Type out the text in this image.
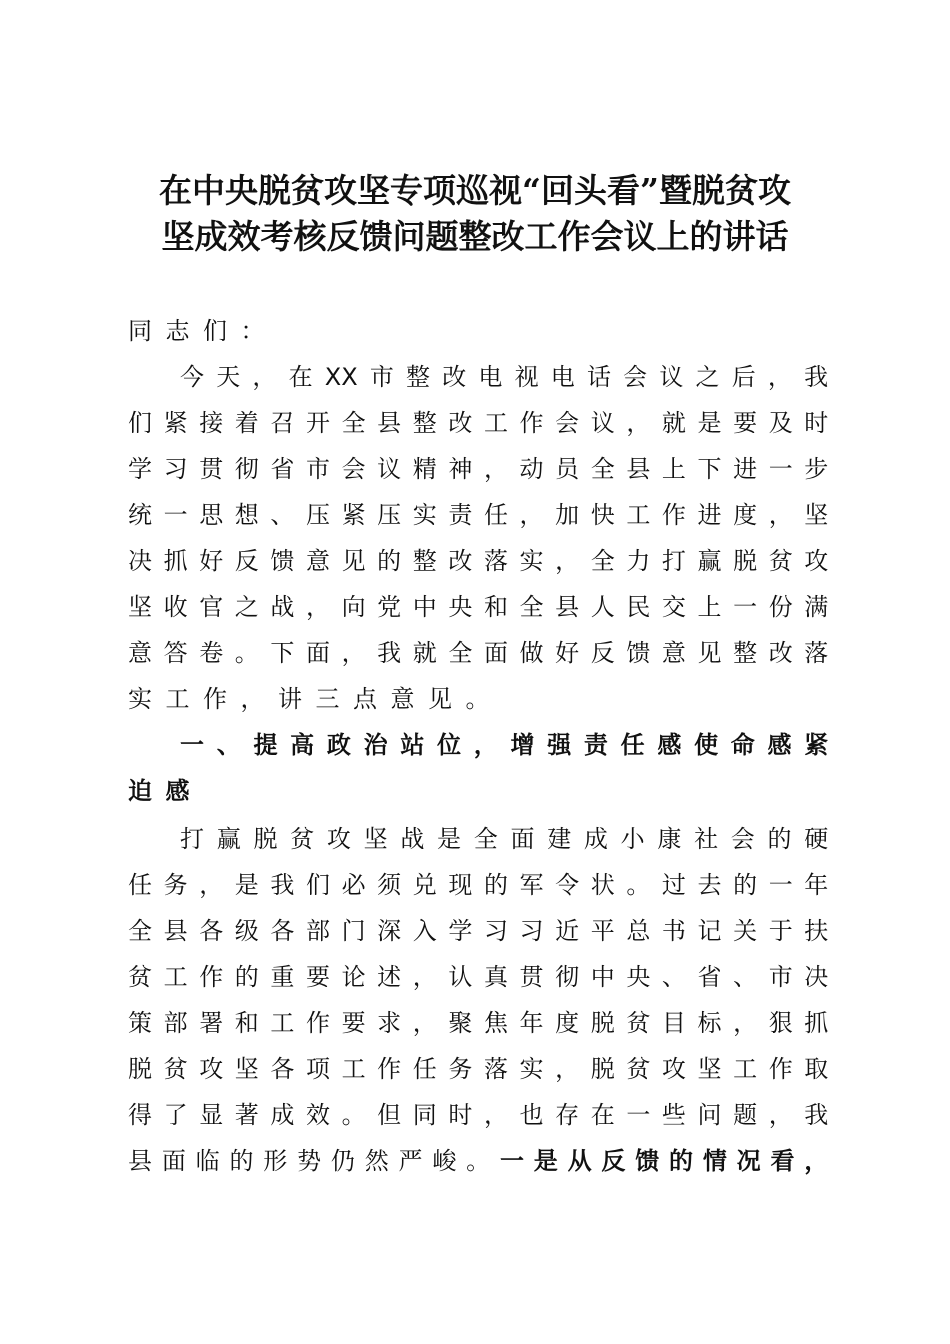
在中央脱贫攻坚专项巡视“回头看”暨脱贫攻
坚成效考核反馈问题整改工作会议上的讲话
同志们：
今​天​，​在​X​X​市​整​改​电​视​电​话​会​议​之​后​，​我​
们​紧​接​着​召​开​全​县​整​改​工​作​会​议​，​就​是​要​及​时​
学​习​贯​彻​省​市​会​议​精​神​，​动​员​全​县​上​下​进​一​步​
统​一​思​想​、​压​紧​压​实​责​任​，​加​快​工​作​进​度​，​坚​
决​抓​好​反​馈​意​见​的​整​改​落​实​，​全​力​打​赢​脱​贫​攻​
坚​收​官​之​战​，​向​党​中​央​和​全​县​人​民​交​上​一​份​满​
意​答​卷​。​下​面​，​我​就​全​面​做​好​反​馈​意​见​整​改​落​
实工作，讲三点意见。
一​、​提​高​政​治​站​位​，​增​强​责​任​感​使​命​感​紧​
迫感
打​赢​脱​贫​攻​坚​战​是​全​面​建​成​小​康​社​会​的​硬​
任​务​，​是​我​们​必​须​兑​现​的​军​令​状​。​过​去​的​一​年​
全​县​各​级​各​部​门​深​入​学​习​习​近​平​总​书​记​关​于​扶​
贫​工​作​的​重​要​论​述​，​认​真​贯​彻​中​央​、​省​、​市​决​
策​部​署​和​工​作​要​求​，​聚​焦​年​度​脱​贫​目​标​，​狠​抓​
脱​贫​攻​坚​各​项​工​作​任​务​落​实​，​脱​贫​攻​坚​工​作​取​
得​了​显​著​成​效​。​但​同​时​，​也​存​在​一​些​问​题​，​我​
县​面​临​的​形​势​仍​然​严​峻​。​一​是​从​反​馈​的​情​况​看​，​
